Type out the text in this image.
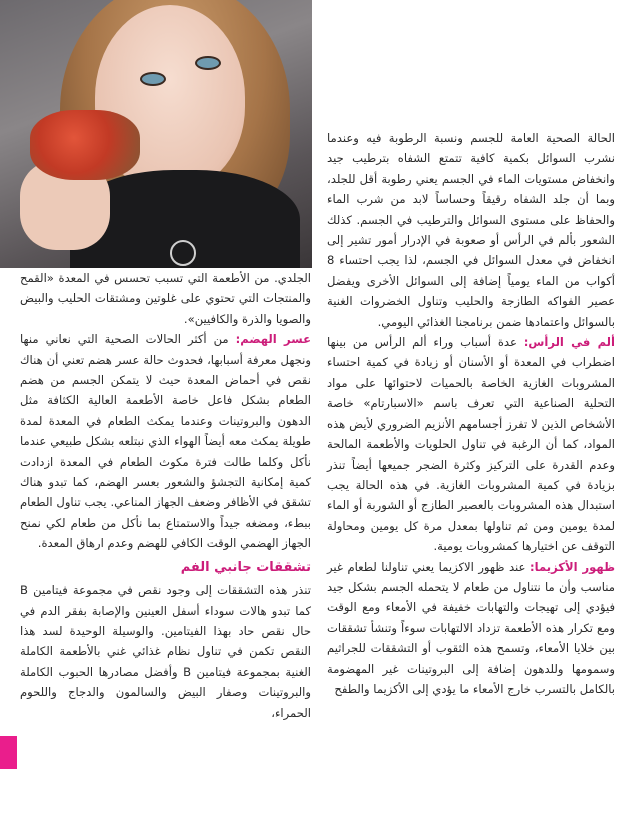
الحالة الصحية العامة للجسم ونسبة الرطوبة فيه وعندما نشرب السوائل بكمية كافية تتمتع الشفاه بترطيب جيد وانخفاض مستويات الماء في الجسم يعني رطوبة أقل للجلد، وبما أن جلد الشفاه رقيقاً وحساساً لابد من شرب الماء والحفاظ على مستوى السوائل والترطيب في الجسم. كذلك الشعور بألم في الرأس أو صعوبة في الإدرار أمور تشير إلى انخفاض في معدل السوائل في الجسم، لذا يجب احتساء 8 أكواب من الماء يومياً إضافة إلى السوائل الأخرى ويفضل عصير الفواكه الطازجة والحليب وتناول الخضروات الغنية بالسوائل واعتمادها ضمن برنامجنا الغذائي اليومي.

ألم في الرأس: عدة أسباب وراء ألم الرأس من بينها اضطراب في المعدة أو الأسنان أو زيادة في كمية احتساء المشروبات الغازية الخاصة بالحميات لاحتوائها على مواد التحلية الصناعية التي تعرف باسم «الاسبارتام» خاصة الأشخاص الذين لا تفرز أجسامهم الأنزيم الضروري لأيض هذه المواد، كما أن الرغبة في تناول الحلويات والأطعمة المالحة وعدم القدرة على التركيز وكثرة الضجر جميعها أيضاً تنذر بزيادة في كمية المشروبات الغازية. في هذه الحالة يجب استبدال هذه المشروبات بالعصير الطازج أو الشوربة أو الماء لمدة يومين ومن ثم تناولها بمعدل مرة كل يومين ومحاولة التوقف عن اختيارها كمشروبات يومية.

ظهور الأكزيما: عند ظهور الاكزيما يعني تناولنا لطعام غير مناسب وأن ما نتناول من طعام لا يتحمله الجسم بشكل جيد فيؤدي إلى تهيجات والتهابات خفيفة في الأمعاء ومع الوقت ومع تكرار هذه الأطعمة تزداد الالتهابات سوءاً وتنشأ تشققات بين خلايا الأمعاء، وتسمح هذه الثقوب أو التشققات للجراثيم وسمومها وللدهون إضافة إلى البروتينات غير المهضومة بالكامل بالتسرب خارج الأمعاء ما يؤدي إلى الأكزيما والطفح

الجلدي. من الأطعمة التي تسبب تحسس في المعدة «القمح والمنتجات التي تحتوي على غلوتين ومشتقات الحليب والبيض والصويا والذرة والكافيين».

عسر الهضم: من أكثر الحالات الصحية التي نعاني منها ونجهل معرفة أسبابها، فحدوث حالة عسر هضم تعني أن هناك نقص في أحماض المعدة حيث لا يتمكن الجسم من هضم الطعام بشكل فاعل خاصة الأطعمة العالية الكثافة مثل الدهون والبروتينات وعندما يمكث الطعام في المعدة لمدة طويلة يمكث معه أيضاً الهواء الذي نبتلعه بشكل طبيعي عندما نأكل وكلما طالت فترة مكوث الطعام في المعدة ازدادت كمية إمكانية التجشؤ والشعور بعسر الهضم، كما تبدو هناك تشقق في الأظافر وضعف الجهاز المناعي. يجب تناول الطعام ببطء، ومضغه جيداً والاستمتاع بما نأكل من طعام لكي نمنح الجهاز الهضمي الوقت الكافي للهضم وعدم ارهاق المعدة.

تشققات جانبي الفم

تنذر هذه التشققات إلى وجود نقص في مجموعة فيتامين B كما تبدو هالات سوداء أسفل العينين والإصابة بفقر الدم في حال نقص حاد بهذا الفيتامين. والوسيلة الوحيدة لسد هذا النقص تكمن في تناول نظام غذائي غني بالأطعمة الكاملة الغنية بمجموعة فيتامين B وأفضل مصادرها الحبوب الكاملة والبروتينات وصفار البيض والسالمون والدجاج واللحوم الحمراء،
